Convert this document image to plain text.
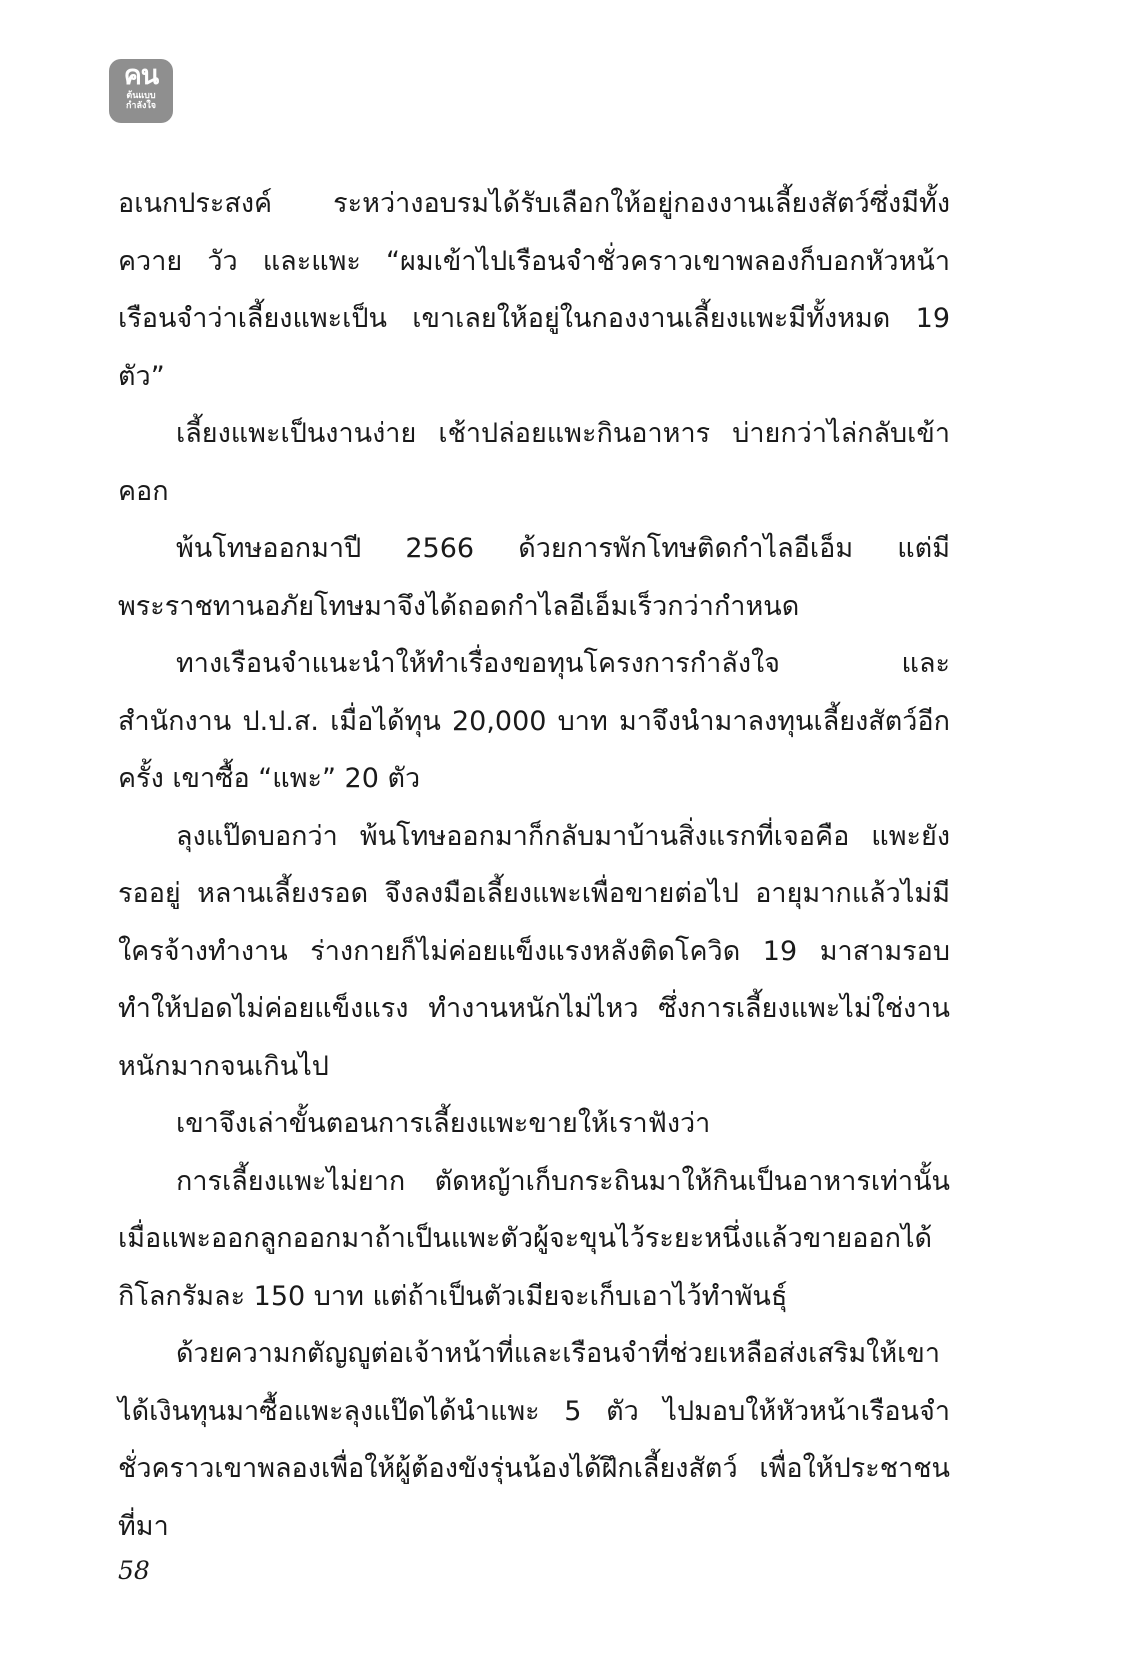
คน
ต้นแบบ
กำลังใจ

อเนกประสงค์ ระหว่างอบรมได้รับเลือกให้อยู่กองงานเลี้ยงสัตว์ซึ่งมีทั้งควาย วัว และแพะ “ผมเข้าไปเรือนจำชั่วคราวเขาพลองก็บอกหัวหน้าเรือนจำว่าเลี้ยงแพะเป็น เขาเลยให้อยู่ในกองงานเลี้ยงแพะมีทั้งหมด 19 ตัว”

เลี้ยงแพะเป็นงานง่าย เช้าปล่อยแพะกินอาหาร บ่ายกว่าไล่กลับเข้าคอก

พ้นโทษออกมาปี 2566 ด้วยการพักโทษติดกำไลอีเอ็ม แต่มีพระราชทานอภัยโทษมาจึงได้ถอดกำไลอีเอ็มเร็วกว่ากำหนด

ทางเรือนจำแนะนำให้ทำเรื่องขอทุนโครงการกำลังใจ และสำนักงาน ป.ป.ส. เมื่อได้ทุน 20,000 บาท มาจึงนำมาลงทุนเลี้ยงสัตว์อีกครั้ง เขาซื้อ “แพะ” 20 ตัว

ลุงแป๊ดบอกว่า พ้นโทษออกมาก็กลับมาบ้านสิ่งแรกที่เจอคือ แพะยังรออยู่ หลานเลี้ยงรอด จึงลงมือเลี้ยงแพะเพื่อขายต่อไป อายุมากแล้วไม่มีใครจ้างทำงาน ร่างกายก็ไม่ค่อยแข็งแรงหลังติดโควิด 19 มาสามรอบ ทำให้ปอดไม่ค่อยแข็งแรง ทำงานหนักไม่ไหว ซึ่งการเลี้ยงแพะไม่ใช่งานหนักมากจนเกินไป

เขาจึงเล่าขั้นตอนการเลี้ยงแพะขายให้เราฟังว่า

การเลี้ยงแพะไม่ยาก ตัดหญ้าเก็บกระถินมาให้กินเป็นอาหารเท่านั้น เมื่อแพะออกลูกออกมาถ้าเป็นแพะตัวผู้จะขุนไว้ระยะหนึ่งแล้วขายออกได้กิโลกรัมละ 150 บาท แต่ถ้าเป็นตัวเมียจะเก็บเอาไว้ทำพันธุ์

ด้วยความกตัญญูต่อเจ้าหน้าที่และเรือนจำที่ช่วยเหลือส่งเสริมให้เขาได้เงินทุนมาซื้อแพะลุงแป๊ดได้นำแพะ 5 ตัว ไปมอบให้หัวหน้าเรือนจำชั่วคราวเขาพลองเพื่อให้ผู้ต้องขังรุ่นน้องได้ฝึกเลี้ยงสัตว์ เพื่อให้ประชาชนที่มา

58
